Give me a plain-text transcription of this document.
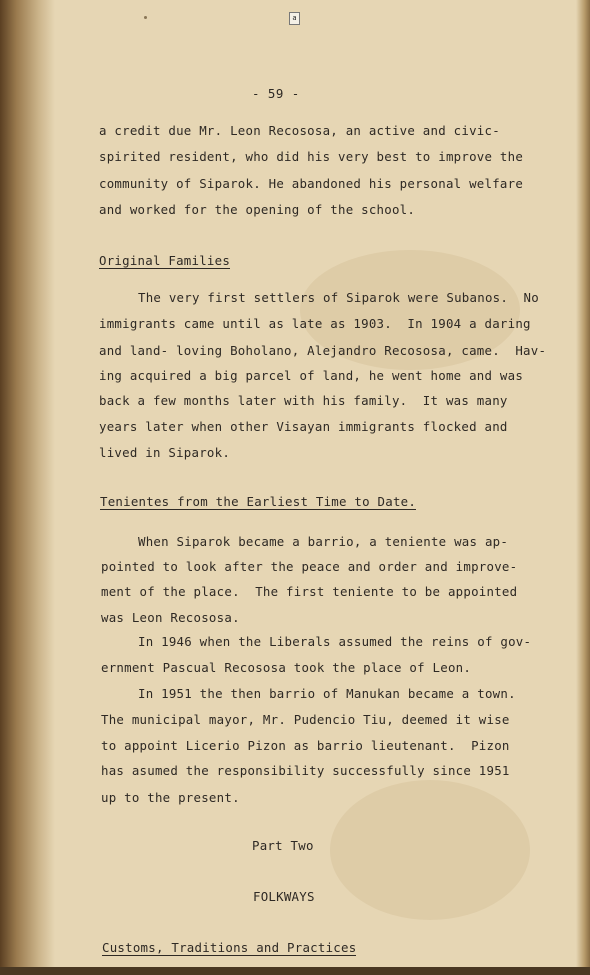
a
- 59 -
a credit due Mr. Leon Recososa, an active and civic-
spirited resident, who did his very best to improve the
community of Siparok. He abandoned his personal welfare
and worked for the opening of the school.
Original Families
The very first settlers of Siparok were Subanos.  No
immigrants came until as late as 1903.  In 1904 a daring
and land- loving Boholano, Alejandro Recososa, came.  Hav-
ing acquired a big parcel of land, he went home and was
back a few months later with his family.  It was many
years later when other Visayan immigrants flocked and
lived in Siparok.
Tenientes from the Earliest Time to Date.
When Siparok became a barrio, a teniente was ap-
pointed to look after the peace and order and improve-
ment of the place.  The first teniente to be appointed
was Leon Recososa.
In 1946 when the Liberals assumed the reins of gov-
ernment Pascual Recososa took the place of Leon.
In 1951 the then barrio of Manukan became a town.
The municipal mayor, Mr. Pudencio Tiu, deemed it wise
to appoint Licerio Pizon as barrio lieutenant.  Pizon
has asumed the responsibility successfully since 1951
up to the present.
Part Two
FOLKWAYS
Customs, Traditions and Practices
